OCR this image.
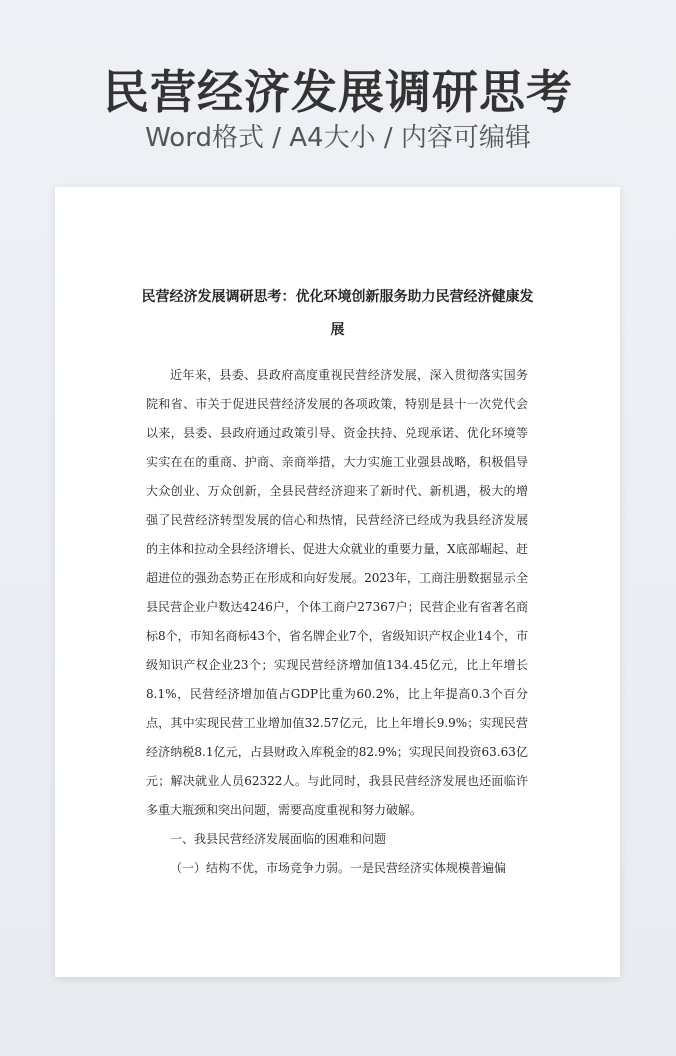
民营经济发展调研思考
Word格式 / A4大小 / 内容可编辑
民营经济发展调研思考：优化环境创新服务助力民营经济健康发展

近年来，县委、县政府高度重视民营经济发展，深入贯彻落实国务院和省、市关于促进民营经济发展的各项政策，特别是县十一次党代会以来，县委、县政府通过政策引导、资金扶持、兑现承诺、优化环境等实实在在的重商、护商、亲商举措，大力实施工业强县战略，积极倡导大众创业、万众创新，全县民营经济迎来了新时代、新机遇，极大的增强了民营经济转型发展的信心和热情，民营经济已经成为我县经济发展的主体和拉动全县经济增长、促进大众就业的重要力量，X底部崛起、赶超进位的强劲态势正在形成和向好发展。2023年，工商注册数据显示全县民营企业户数达4246户，个体工商户27367户；民营企业有省著名商标8个，市知名商标43个，省名牌企业7个，省级知识产权企业14个，市级知识产权企业23个；实现民营经济增加值134.45亿元，比上年增长8.1%，民营经济增加值占GDP比重为60.2%，比上年提高0.3个百分点，其中实现民营工业增加值32.57亿元，比上年增长9.9%；实现民营经济纳税8.1亿元，占县财政入库税金的82.9%；实现民间投资63.63亿元；解决就业人员62322人。与此同时，我县民营经济发展也还面临许多重大瓶颈和突出问题，需要高度重视和努力破解。

一、我县民营经济发展面临的困难和问题

（一）结构不优，市场竞争力弱。一是民营经济实体规模普遍偏
